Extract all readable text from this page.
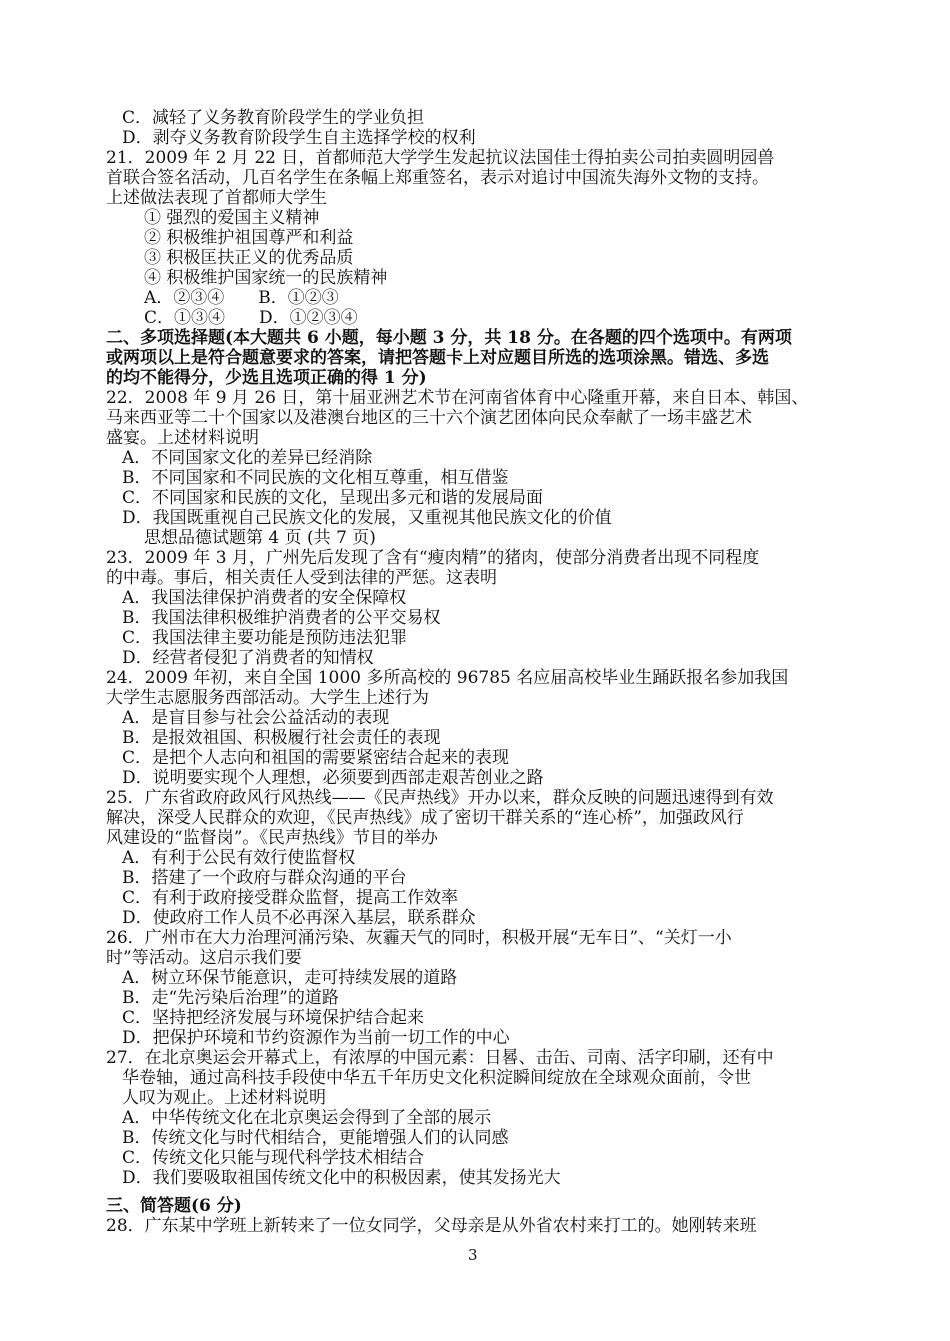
C．减轻了义务教育阶段学生的学业负担
D．剥夺义务教育阶段学生自主选择学校的权利
21．2009 年 2 月 22 日，首都师范大学学生发起抗议法国佳士得拍卖公司拍卖圆明园兽
首联合签名活动，几百名学生在条幅上郑重签名，表示对追讨中国流失海外文物的支持。
上述做法表现了首都师大学生
① 强烈的爱国主义精神
② 积极维护祖国尊严和利益
③ 积极匡扶正义的优秀品质
④ 积极维护国家统一的民族精神
A．②③④　　B．①②③
C．①③④　　D．①②③④
二、多项选择题(本大题共 6 小题，每小题 3 分，共 18 分。在各题的四个选项中。有两项
或两项以上是符合题意要求的答案，请把答题卡上对应题目所选的选项涂黑。错选、多选
的均不能得分，少选且选项正确的得 1 分)
22．2008 年 9 月 26 日，第十届亚洲艺术节在河南省体育中心隆重开幕，来自日本、韩国、
马来西亚等二十个国家以及港澳台地区的三十六个演艺团体向民众奉献了一场丰盛艺术
盛宴。上述材料说明
A．不同国家文化的差异已经消除
B．不同国家和不同民族的文化相互尊重，相互借鉴
C．不同国家和民族的文化，呈现出多元和谐的发展局面
D．我国既重视自己民族文化的发展，又重视其他民族文化的价值
思想品德试题第 4 页 (共 7 页)
23．2009 年 3 月，广州先后发现了含有“瘦肉精”的猪肉，使部分消费者出现不同程度
的中毒。事后，相关责任人受到法律的严惩。这表明
A．我国法律保护消费者的安全保障权
B．我国法律积极维护消费者的公平交易权
C．我国法律主要功能是预防违法犯罪
D．经营者侵犯了消费者的知情权
24．2009 年初，来自全国 1000 多所高校的 96785 名应届高校毕业生踊跃报名参加我国
大学生志愿服务西部活动。大学生上述行为
A．是盲目参与社会公益活动的表现
B．是报效祖国、积极履行社会责任的表现
C．是把个人志向和祖国的需要紧密结合起来的表现
D．说明要实现个人理想，必须要到西部走艰苦创业之路
25．广东省政府政风行风热线——《民声热线》开办以来，群众反映的问题迅速得到有效
解决，深受人民群众的欢迎，《民声热线》成了密切干群关系的“连心桥”，加强政风行
风建设的“监督岗”。《民声热线》节目的举办
A．有利于公民有效行使监督权
B．搭建了一个政府与群众沟通的平台
C．有利于政府接受群众监督，提高工作效率
D．使政府工作人员不必再深入基层，联系群众
26．广州市在大力治理河涌污染、灰霾天气的同时，积极开展“无车日”、“关灯一小
时”等活动。这启示我们要
A．树立环保节能意识，走可持续发展的道路
B．走“先污染后治理”的道路
C．坚持把经济发展与环境保护结合起来
D．把保护环境和节约资源作为当前一切工作的中心
27．在北京奥运会开幕式上，有浓厚的中国元素：日晷、击缶、司南、活字印刷，还有中
华卷轴，通过高科技手段使中华五千年历史文化积淀瞬间绽放在全球观众面前，令世
人叹为观止。上述材料说明
A．中华传统文化在北京奥运会得到了全部的展示
B．传统文化与时代相结合，更能增强人们的认同感
C．传统文化只能与现代科学技术相结合
D．我们要吸取祖国传统文化中的积极因素，使其发扬光大
三、简答题(6 分)
28．广东某中学班上新转来了一位女同学，父母亲是从外省农村来打工的。她刚转来班
3
